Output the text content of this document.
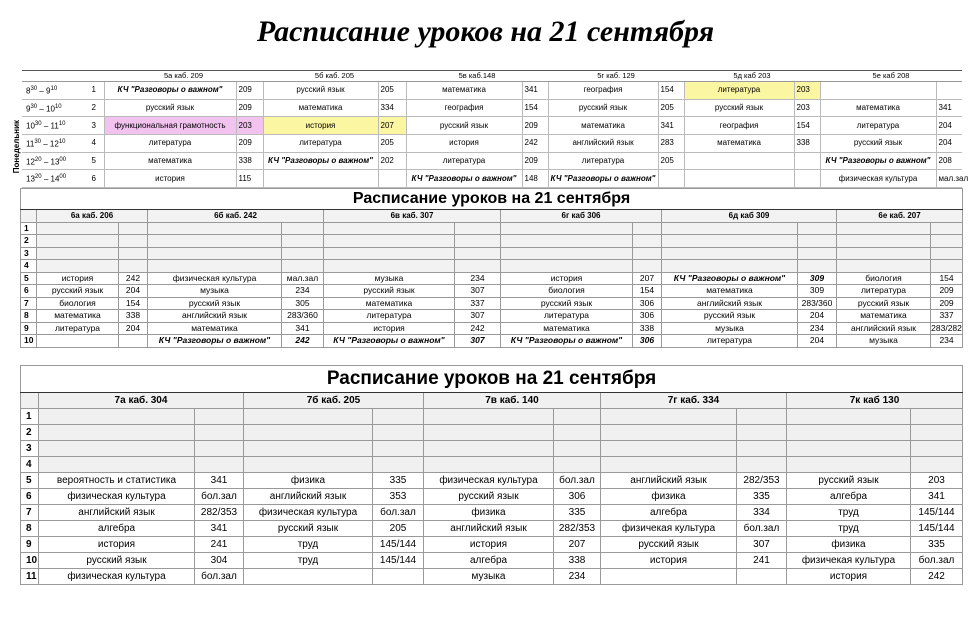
Расписание уроков на 21 сентября
Понедельник
		5а каб. 209		5б каб. 205		5в каб.148		5г каб. 129		5д каб 203		5е каб 208	
$8^{30} - 9^{10}$	1	КЧ "Разговоры о важном"	209	русский язык	205	математика	341	география	154	литература	203		
$9^{30} - 10^{10}$	2	русский язык	209	математика	334	география	154	русский язык	205	русский язык	203	математика	341
$10^{30} - 11^{10}$	3	функциональная грамотность	203	история	207	русский язык	209	математика	341	география	154	литература	204
$11^{30} - 12^{10}$	4	литература	209	литература	205	история	242	английский язык	283	математика	338	русский язык	204
$12^{20} - 13^{00}$	5	математика	338	КЧ "Разговоры о важном"	202	литература	209	литература	205			КЧ "Разговоры о важном"	208
$13^{20} - 14^{00}$	6	история	115			КЧ "Разговоры о важном"	148	КЧ "Разговоры о важном"				физическая культура	мал.зал

Расписание уроков на 21 сентября												
	6а каб. 206		6б каб. 242		6в каб. 307		6г каб 306		6д каб 309		6е каб. 207	
1												
2												
3												
4												
5	история	242	физическая культура	мал.зал	музыка	234	история	207	КЧ "Разговоры о важном"	309	биология	154
6	русский язык	204	музыка	234	русский язык	307	биология	154	математика	309	литература	209
7	биология	154	русский язык	305	математика	337	русский язык	306	английский язык	283/360	русский язык	209
8	математика	338	английский язык	283/360	литература	307	литература	306	русский язык	204	математика	337
9	литература	204	математика	341	история	242	математика	338	музыка	234	английский язык	283/282
10			КЧ "Разговоры о важном"	242	КЧ "Разговоры о важном"	307	КЧ "Разговоры о важном"	306	литература	204	музыка	234
Расписание уроков на 21 сентября										
	7а каб. 304		7б каб. 205		7в каб. 140		7г каб. 334		7к каб 130	
1										
2										
3										
4										
5	вероятность и статистика	341	физика	335	физическая культура	бол.зал	английский язык	282/353	русский язык	203
6	физическая культура	бол.зал	английский язык	353	русский язык	306	физика	335	алгебра	341
7	английский язык	282/353	физическая культура	бол.зал	физика	335	алгебра	334	труд	145/144
8	алгебра	341	русский язык	205	английский язык	282/353	физичекая культура	бол.зал	труд	145/144
9	история	241	труд	145/144	история	207	русский язык	307	физика	335
10	русский язык	304	труд	145/144	алгебра	338	история	241	физичекая культура	бол.зал
11	физическая культура	бол.зал			музыка	234			история	242
